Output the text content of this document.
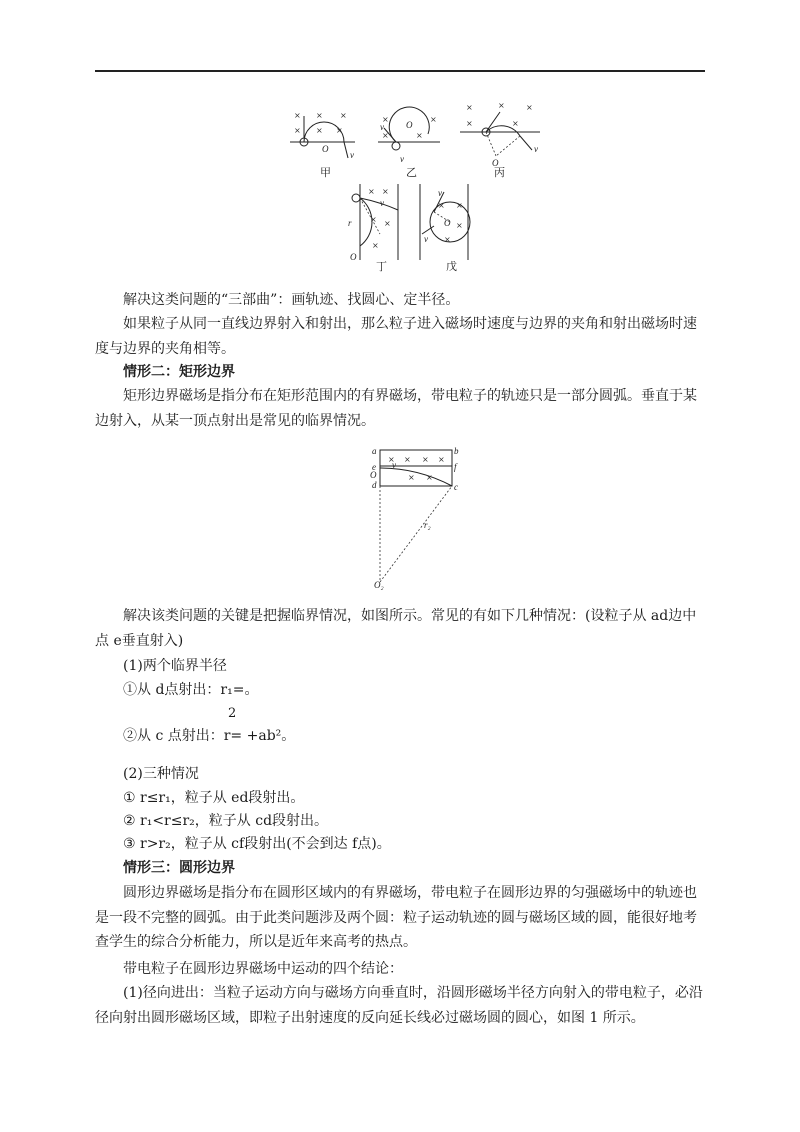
× × ×
× × ×
O
v
×	×
×	×
O
v
v
×	×	×
×	×
O
v
甲	乙	丙
× ×
× ×
×
r
v
O
丁
× ×
×
×
O
v
v
戊

解决这类问题的“三部曲”：画轨迹、找圆心、定半径。

如果粒子从同一直线边界射入和射出，那么粒子进入磁场时速度与边界的夹角和射出磁场时速度与边界的夹角相等。

情形二：矩形边界

矩形边界磁场是指分布在矩形范围内的有界磁场，带电粒子的轨迹只是一部分圆弧。垂直于某边射入，从某一顶点射出是常见的临界情况。

× × × ×
× ×
a	b
e	f
O
d	c
r₂
O₂
v

解决该类问题的关键是把握临界情况，如图所示。常见的有如下几种情况：(设粒子从 ad边中点 e垂直射入)

(1)两个临界半径
①从 d点射出：r₁=。
2
②从 c 点射出：r= +ab²。
(2)三种情况
① r≤r₁，粒子从 ed段射出。
② r₁<r≤r₂，粒子从 cd段射出。
③ r>r₂，粒子从 cf段射出(不会到达 f点)。
情形三：圆形边界

圆形边界磁场是指分布在圆形区域内的有界磁场，带电粒子在圆形边界的匀强磁场中的轨迹也是一段不完整的圆弧。由于此类问题涉及两个圆：粒子运动轨迹的圆与磁场区域的圆，能很好地考查学生的综合分析能力，所以是近年来高考的热点。

带电粒子在圆形边界磁场中运动的四个结论：

(1)径向进出：当粒子运动方向与磁场方向垂直时，沿圆形磁场半径方向射入的带电粒子，必沿径向射出圆形磁场区域，即粒子出射速度的反向延长线必过磁场圆的圆心，如图 1 所示。
